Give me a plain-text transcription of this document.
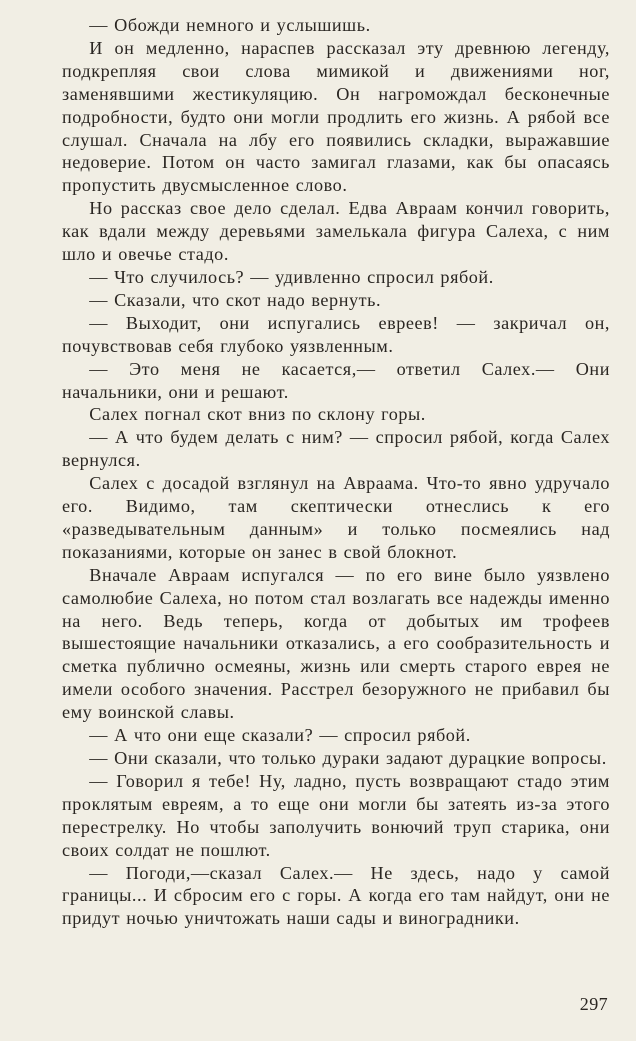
— Обожди немного и услышишь.

И он медленно, нараспев рассказал эту древнюю легенду, подкрепляя свои слова мимикой и движениями ног, заменявшими жестикуляцию. Он нагромождал бесконечные подробности, будто они могли продлить его жизнь. А рябой все слушал. Сначала на лбу его появились складки, выражавшие недоверие. Потом он часто замигал глазами, как бы опасаясь пропустить двусмысленное слово.

Но рассказ свое дело сделал. Едва Авраам кончил говорить, как вдали между деревьями замелькала фигура Салеха, с ним шло и овечье стадо.

— Что случилось? — удивленно спросил рябой.

— Сказали, что скот надо вернуть.

— Выходит, они испугались евреев! — закричал он, почувствовав себя глубоко уязвленным.

— Это меня не касается,— ответил Салех.— Они начальники, они и решают.

Салех погнал скот вниз по склону горы.

— А что будем делать с ним? — спросил рябой, когда Салех вернулся.

Салех с досадой взглянул на Авраама. Что-то явно удручало его. Видимо, там скептически отнеслись к его «разведывательным данным» и только посмеялись над показаниями, которые он занес в свой блокнот.

Вначале Авраам испугался — по его вине было уязвлено самолюбие Салеха, но потом стал возлагать все надежды именно на него. Ведь теперь, когда от добытых им трофеев вышестоящие начальники отказались, а его сообразительность и сметка публично осмеяны, жизнь или смерть старого еврея не имели особого значения. Расстрел безоружного не прибавил бы ему воинской славы.

— А что они еще сказали? — спросил рябой.

— Они сказали, что только дураки задают дурацкие вопросы.

— Говорил я тебе! Ну, ладно, пусть возвращают стадо этим проклятым евреям, а то еще они могли бы затеять из-за этого перестрелку. Но чтобы заполучить вонючий труп старика, они своих солдат не пошлют.

— Погоди,—сказал Салех.— Не здесь, надо у самой границы... И сбросим его с горы. А когда его там найдут, они не придут ночью уничтожать наши сады и виноградники.

297
